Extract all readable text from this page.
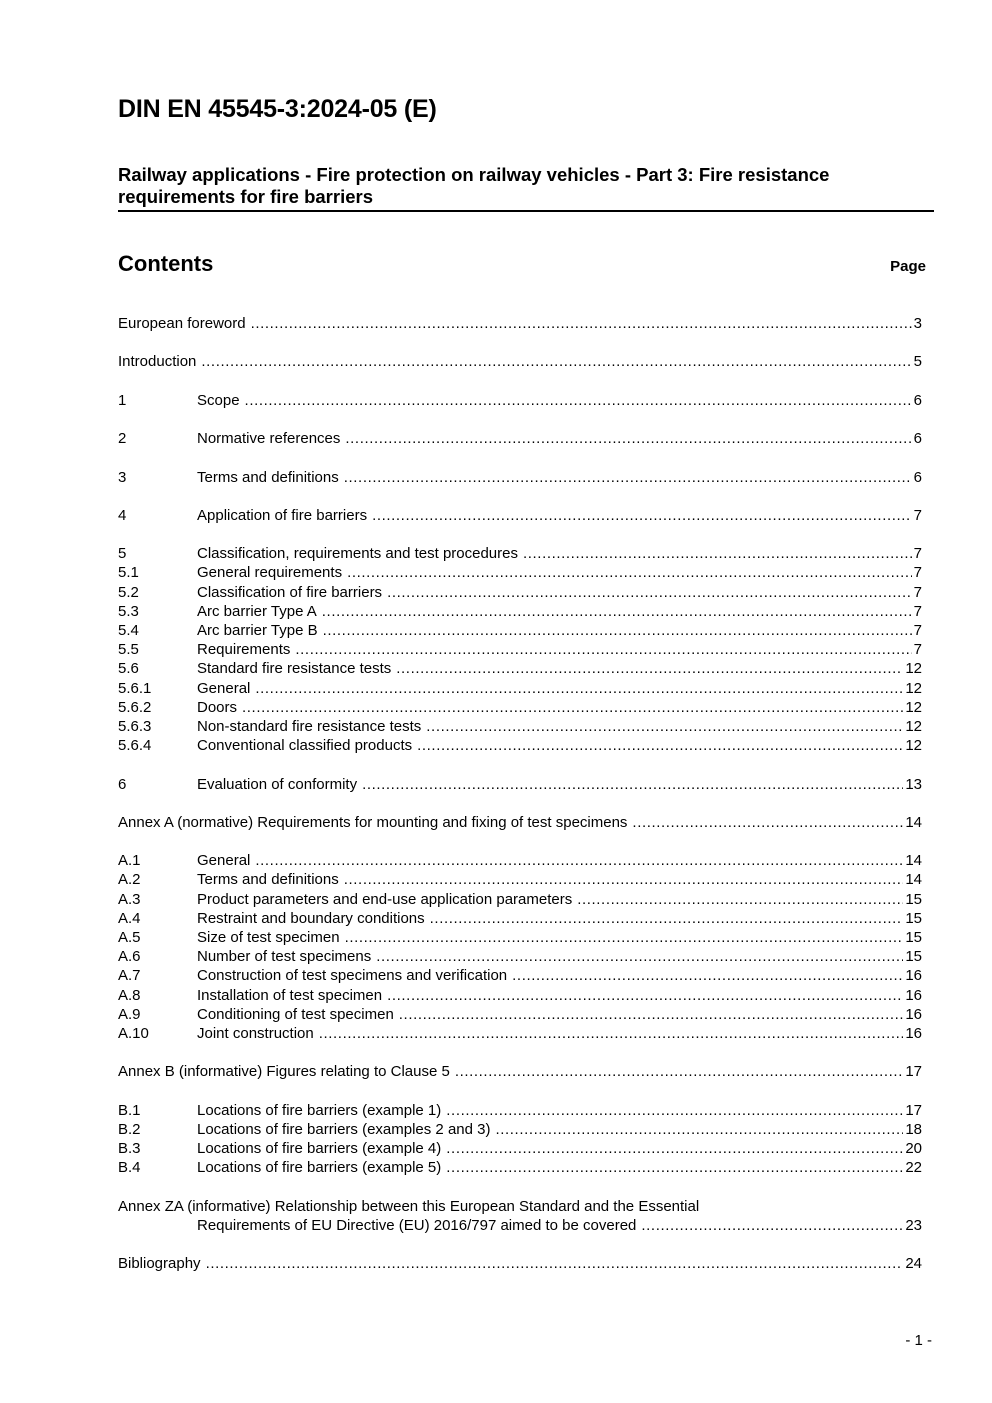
DIN EN 45545-3:2024-05 (E)
Railway applications - Fire protection on railway vehicles - Part 3: Fire resistance requirements for fire barriers
Contents	Page
European foreword .....	3
Introduction .....	5
1	Scope .....	6
2	Normative references .....	6
3	Terms and definitions .....	6
4	Application of fire barriers .....	7
5	Classification, requirements and test procedures .....	7
5.1	General requirements .....	7
5.2	Classification of fire barriers .....	7
5.3	Arc barrier Type A .....	7
5.4	Arc barrier Type B .....	7
5.5	Requirements .....	7
5.6	Standard fire resistance tests .....	12
5.6.1	General .....	12
5.6.2	Doors .....	12
5.6.3	Non-standard fire resistance tests .....	12
5.6.4	Conventional classified products .....	12
6	Evaluation of conformity .....	13
Annex A (normative) Requirements for mounting and fixing of test specimens .....	14
A.1	General .....	14
A.2	Terms and definitions .....	14
A.3	Product parameters and end-use application parameters .....	15
A.4	Restraint and boundary conditions .....	15
A.5	Size of test specimen .....	15
A.6	Number of test specimens .....	15
A.7	Construction of test specimens and verification .....	16
A.8	Installation of test specimen .....	16
A.9	Conditioning of test specimen .....	16
A.10	Joint construction .....	16
Annex B (informative) Figures relating to Clause 5 .....	17
B.1	Locations of fire barriers (example 1) .....	17
B.2	Locations of fire barriers (examples 2 and 3) .....	18
B.3	Locations of fire barriers (example 4) .....	20
B.4	Locations of fire barriers (example 5) .....	22
Annex ZA (informative) Relationship between this European Standard and the Essential
Requirements of EU Directive (EU) 2016/797 aimed to be covered .....	23
Bibliography .....	24
- 1 -
